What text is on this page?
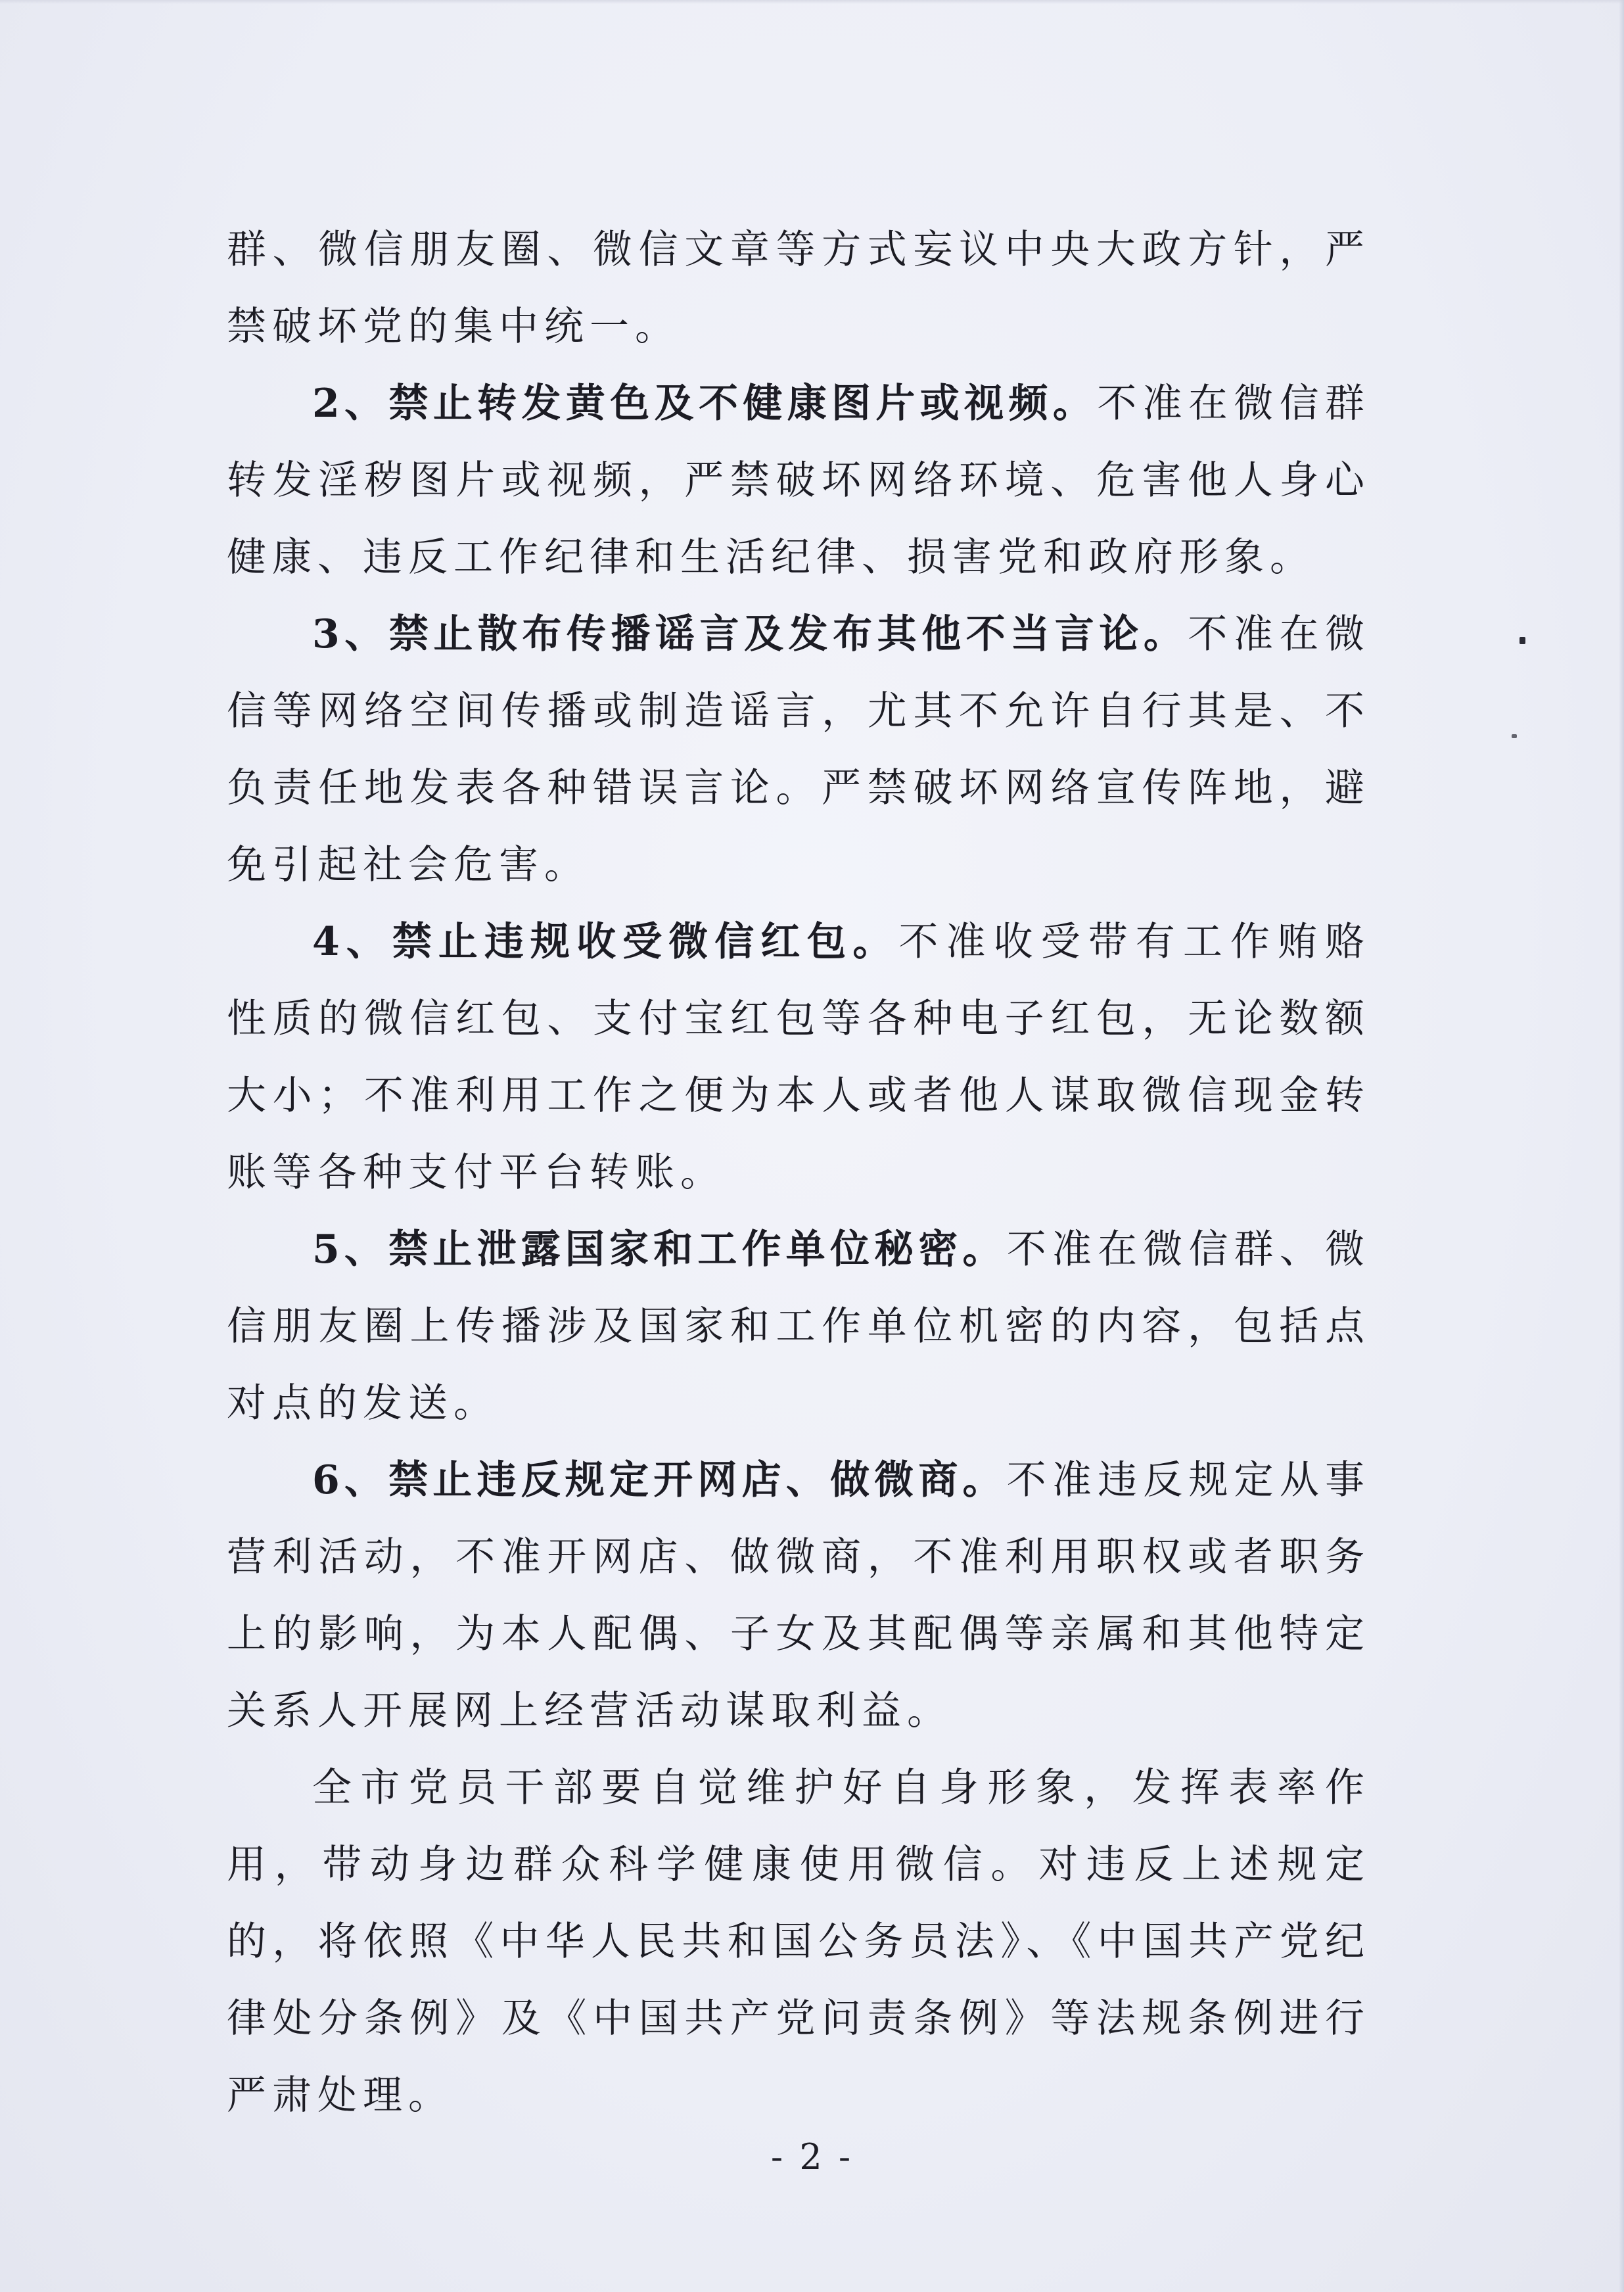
群、微信朋友圈、微信文章等方式妄议中央大政方针，严禁破坏党的集中统一。

2、禁止转发黄色及不健康图片或视频。不准在微信群转发淫秽图片或视频，严禁破坏网络环境、危害他人身心健康、违反工作纪律和生活纪律、损害党和政府形象。

3、禁止散布传播谣言及发布其他不当言论。不准在微信等网络空间传播或制造谣言，尤其不允许自行其是、不负责任地发表各种错误言论。严禁破坏网络宣传阵地，避免引起社会危害。

4、禁止违规收受微信红包。不准收受带有工作贿赂性质的微信红包、支付宝红包等各种电子红包，无论数额大小；不准利用工作之便为本人或者他人谋取微信现金转账等各种支付平台转账。

5、禁止泄露国家和工作单位秘密。不准在微信群、微信朋友圈上传播涉及国家和工作单位机密的内容，包括点对点的发送。

6、禁止违反规定开网店、做微商。不准违反规定从事营利活动，不准开网店、做微商，不准利用职权或者职务上的影响，为本人配偶、子女及其配偶等亲属和其他特定关系人开展网上经营活动谋取利益。

全市党员干部要自觉维护好自身形象，发挥表率作用，带动身边群众科学健康使用微信。对违反上述规定的，将依照《中华人民共和国公务员法》、《中国共产党纪律处分条例》及《中国共产党问责条例》等法规条例进行严肃处理。

- 2 -
